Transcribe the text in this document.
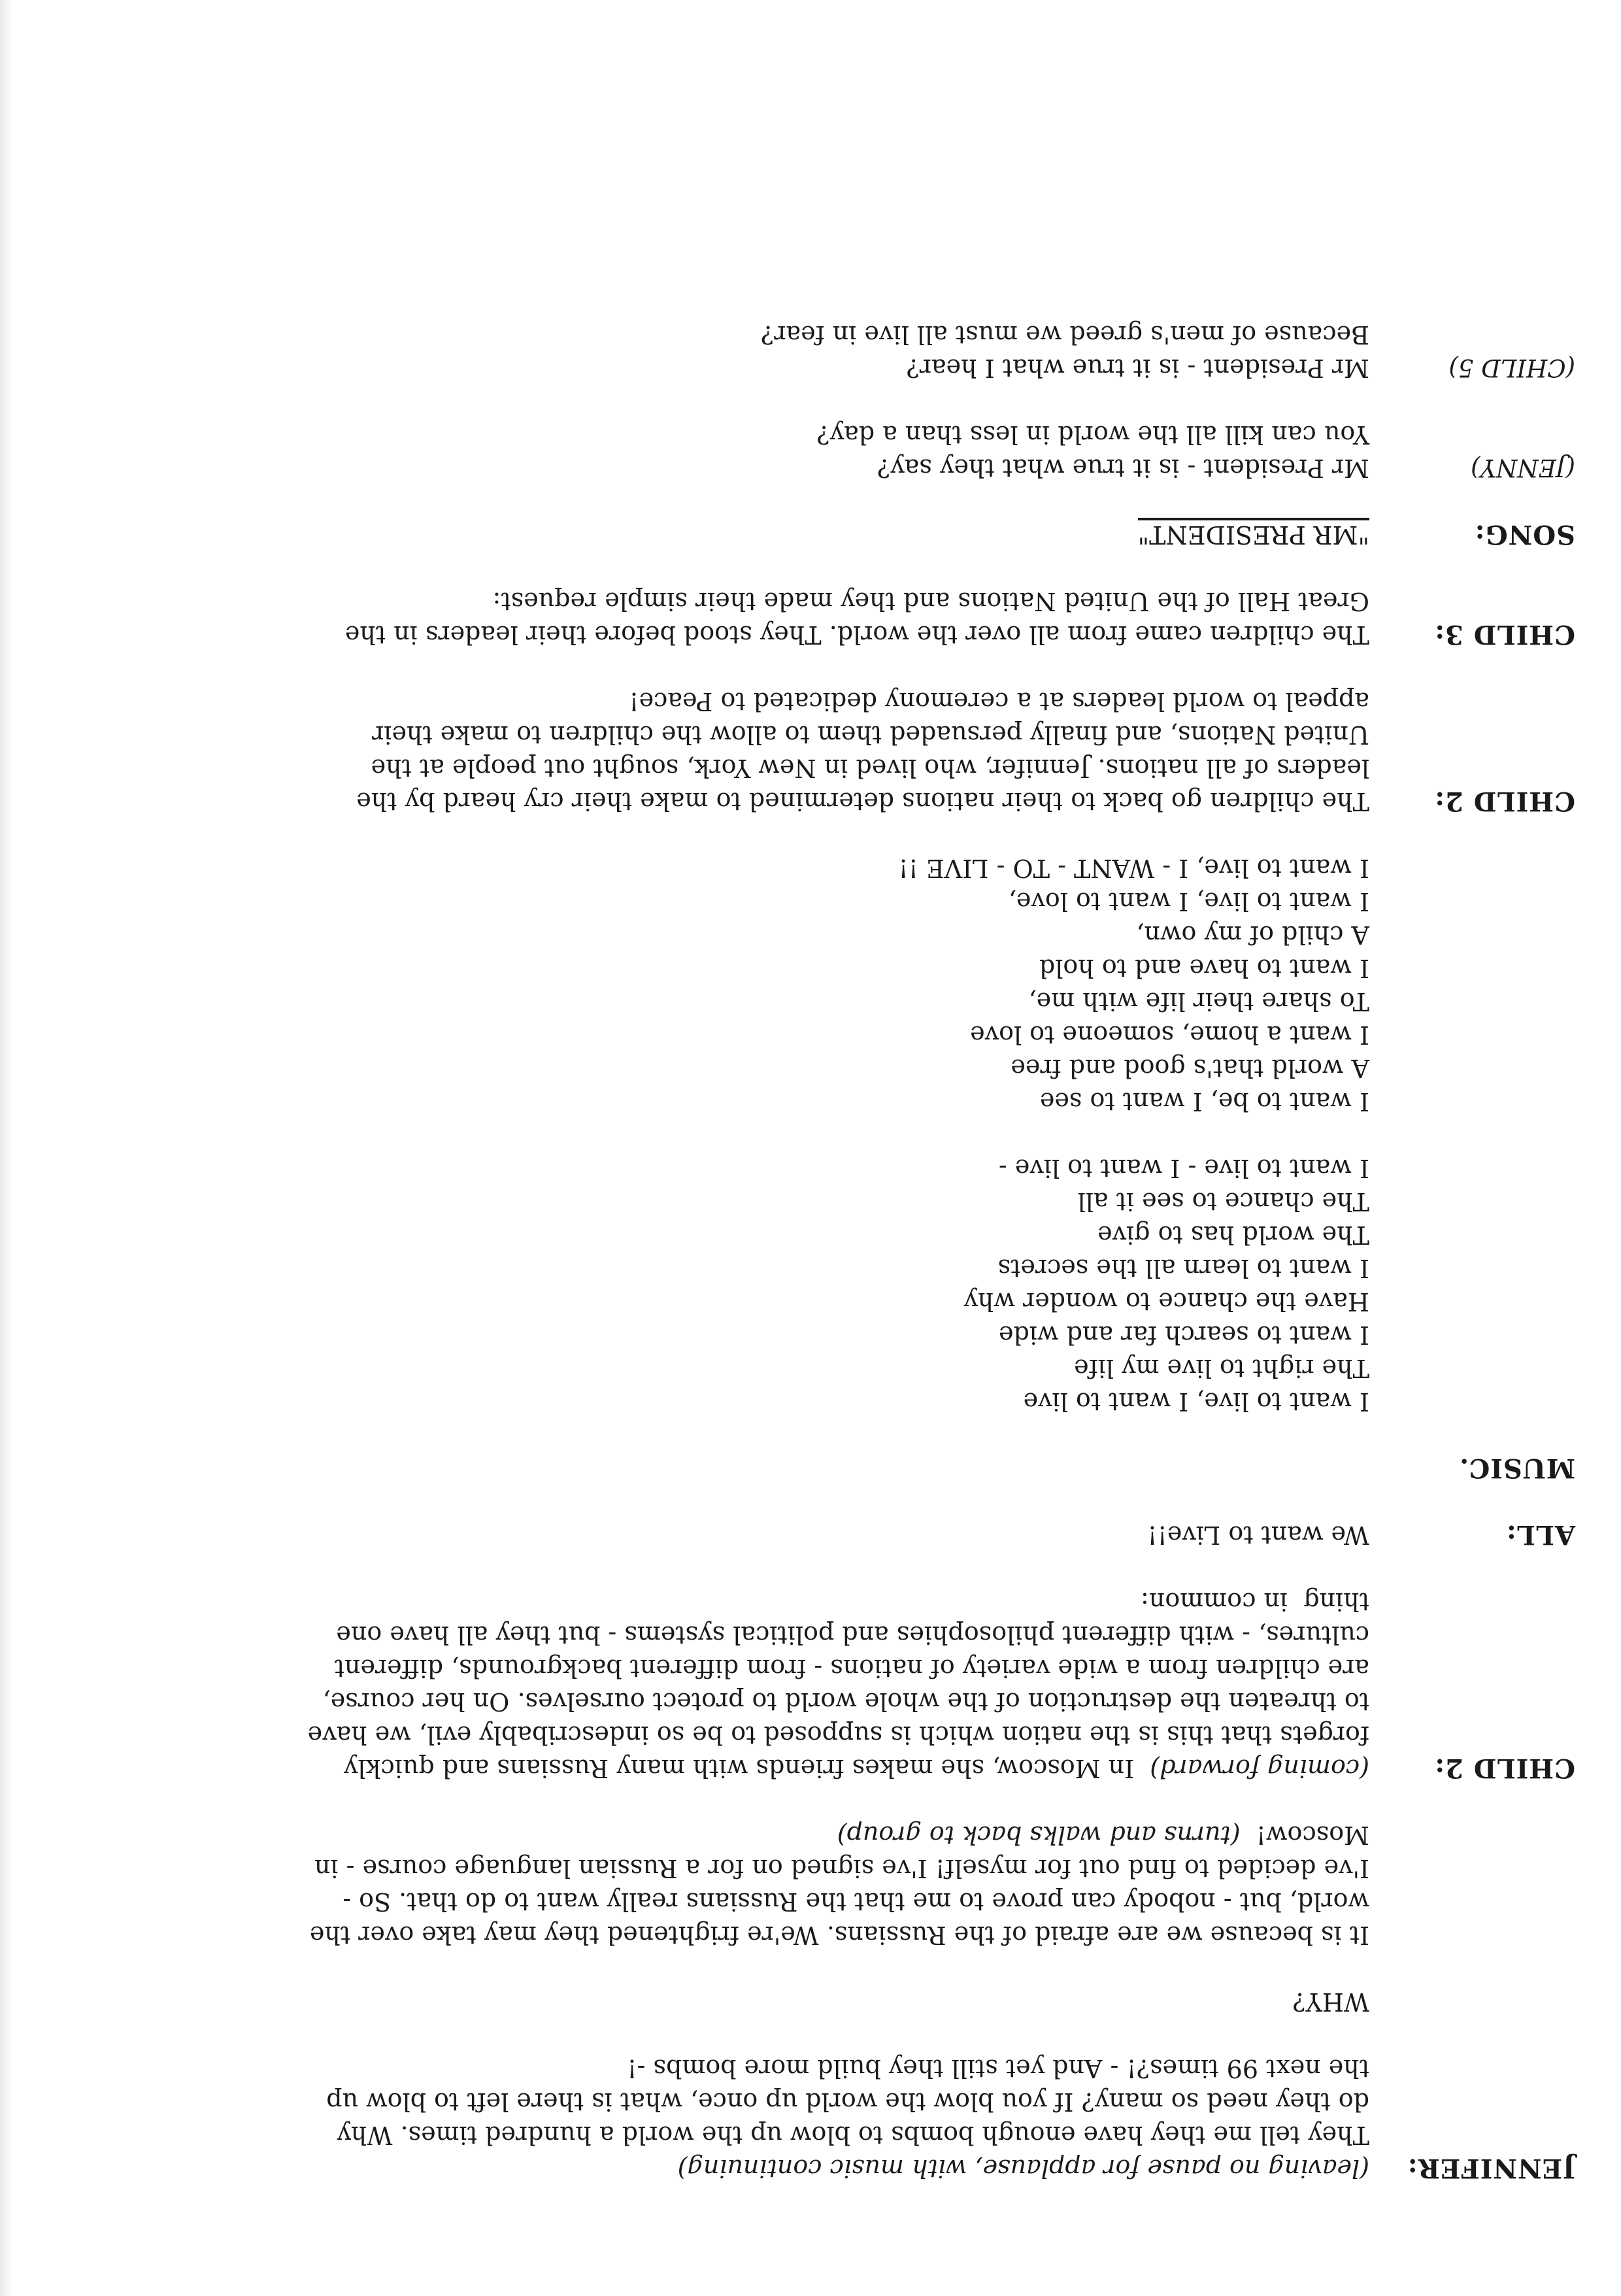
JENNIFER:
(leaving no pause for applause, with music continuing)
They tell me they have enough bombs to blow up the world a hundred times. Why
do they need so many? If you blow the world up once, what is there left to blow up
the next 99 times?! - And yet still they build more bombs -!

WHY?

It is because we are afraid of the Russians. We're frightened they may take over the
world, but - nobody can prove to me that the Russians really want to do that. So -
I've decided to find out for myself! I've signed on for a Russian language course - in
Moscow!  (turns and walks back to group)
CHILD 2:
(coming forward)  In Moscow, she makes friends with many Russians and quickly
forgets that this is the nation which is supposed to be so indescribably evil, we have
to threaten the destruction of the whole world to protect ourselves. On her course,
are children from a wide variety of nations - from different backgrounds, different
cultures, - with different philosophies and political systems - but they all have one
thing  in common:
ALL:
We want to Live!!
MUSIC.

I want to live, I want to live
The right to live my life
I want to search far and wide
Have the chance to wonder why
I want to learn all the secrets
The world has to give
The chance to see it all
I want to live - I want to live -

I want to be, I want to see
A world that's good and free
I want a home, someone to love
To share their life with me,
I want to have and to hold
A child of my own,
I want to live, I want to love,
I want to live, I - WANT - TO - LIVE !!
CHILD 2:
The children go back to their nations determined to make their cry heard by the
leaders of all nations. Jennifer, who lived in New York, sought out people at the
United Nations, and finally persuaded them to allow the children to make their
appeal to world leaders at a ceremony dedicated to Peace!
CHILD 3:
The children came from all over the world. They stood before their leaders in the
Great Hall of the United Nations and they made their simple request:
SONG:
"MR PRESIDENT"
(JENNY)
Mr President - is it true what they say?
You can kill all the world in less than a day?
(CHILD 5)
Mr President - is it true what I hear?
Because of men's greed we must all live in fear?
